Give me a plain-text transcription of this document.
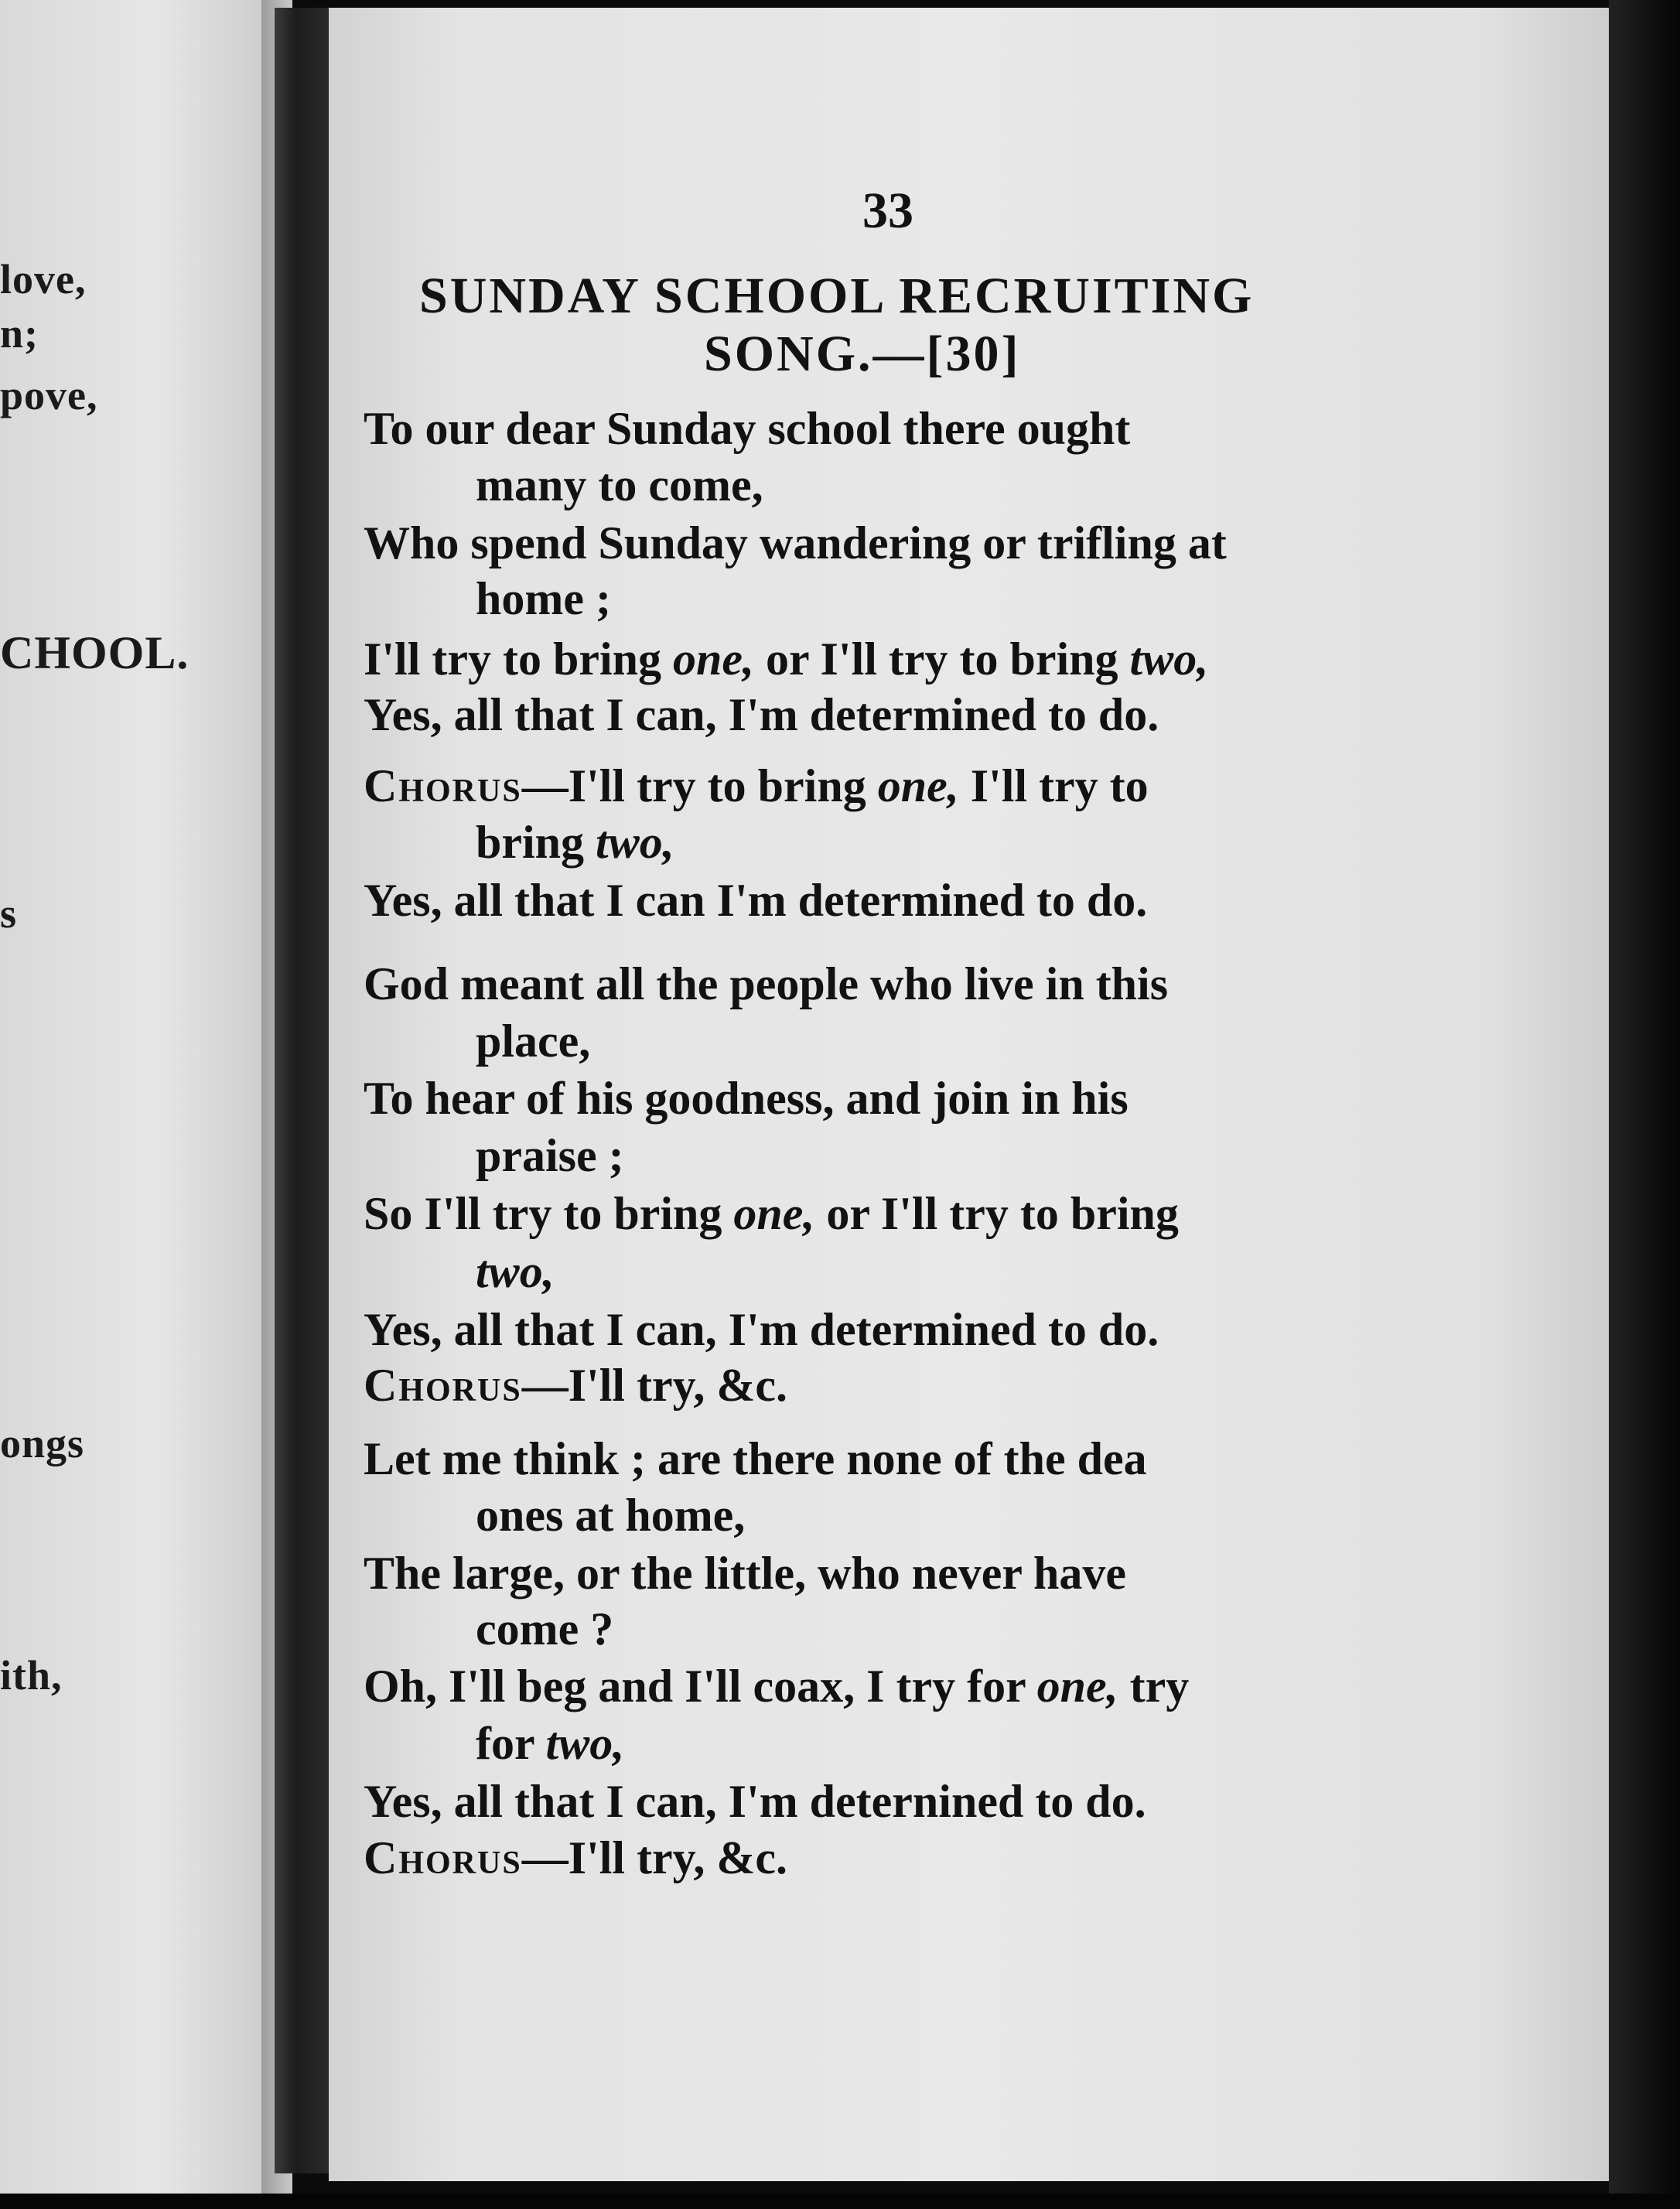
love,
n;
pove,
CHOOL.
s
ongs
ith,
33
SUNDAY SCHOOL RECRUITING
SONG.—[30]
To our dear Sunday school there ought
many to come,
Who spend Sunday wandering or trifling at
home ;
I'll try to bring one, or I'll try to bring two,
Yes, all that I can, I'm determined to do.
Chorus—I'll try to bring one, I'll try to
bring two,
Yes, all that I can I'm determined to do.
God meant all the people who live in this
place,
To hear of his goodness, and join in his
praise ;
So I'll try to bring one, or I'll try to bring
two,
Yes, all that I can, I'm determined to do.
Chorus—I'll try, &c.
Let me think ; are there none of the dea
ones at home,
The large, or the little, who never have
come ?
Oh, I'll beg and I'll coax, I try for one, try
for two,
Yes, all that I can, I'm deternined to do.
Chorus—I'll try, &c.
